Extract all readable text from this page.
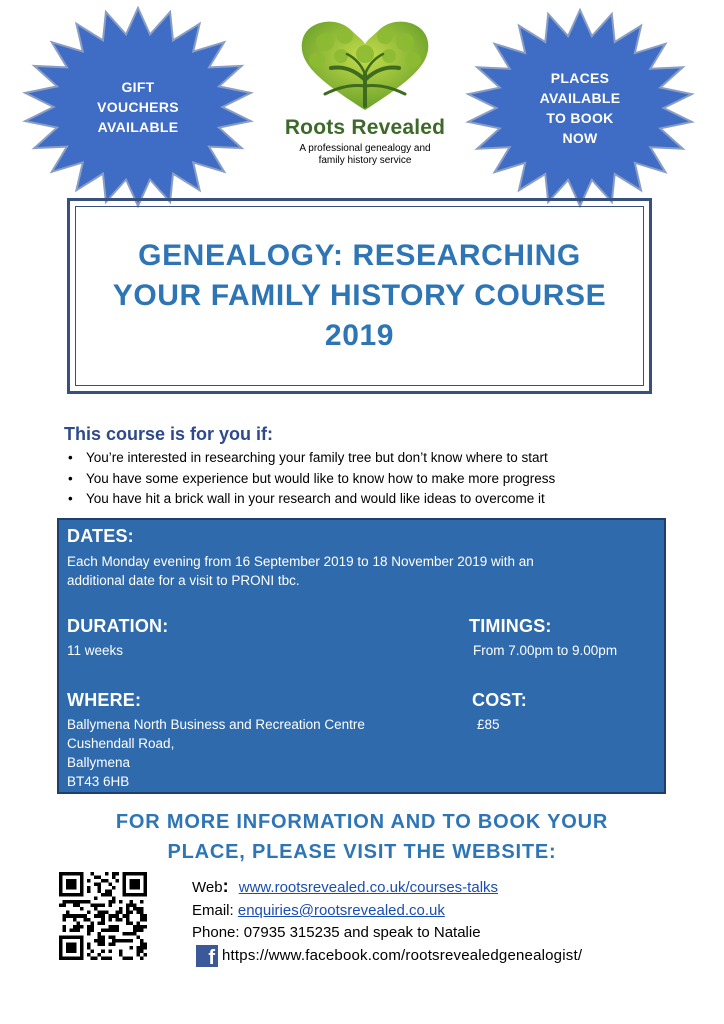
GIFT
VOUCHERS
AVAILABLE	Roots Revealed
A professional genealogy and
family history service
PLACES
AVAILABLE
TO BOOK
NOW
GENEALOGY: RESEARCHING
YOUR FAMILY HISTORY COURSE
2019
This course is for you if:
• You’re interested in researching your family tree but don’t know where to start
• You have some experience but would like to know how to make more progress
• You have hit a brick wall in your research and would like ideas to overcome it
DATES:
Each Monday evening from 16 September 2019 to 18 November 2019 with an
additional date for a visit to PRONI tbc.
DURATION:
11 weeks
TIMINGS:
From 7.00pm to 9.00pm
WHERE:
Ballymena North Business and Recreation Centre
Cushendall Road,
Ballymena
BT43 6HB
COST:
£85
FOR MORE INFORMATION AND TO BOOK YOUR
PLACE, PLEASE VISIT THE WEBSITE:
Web: www.rootsrevealed.co.uk/courses-talks
Email: enquiries@rootsrevealed.co.uk
Phone: 07935 315235 and speak to Natalie
f https://www.facebook.com/rootsrevealedgenealogist/
